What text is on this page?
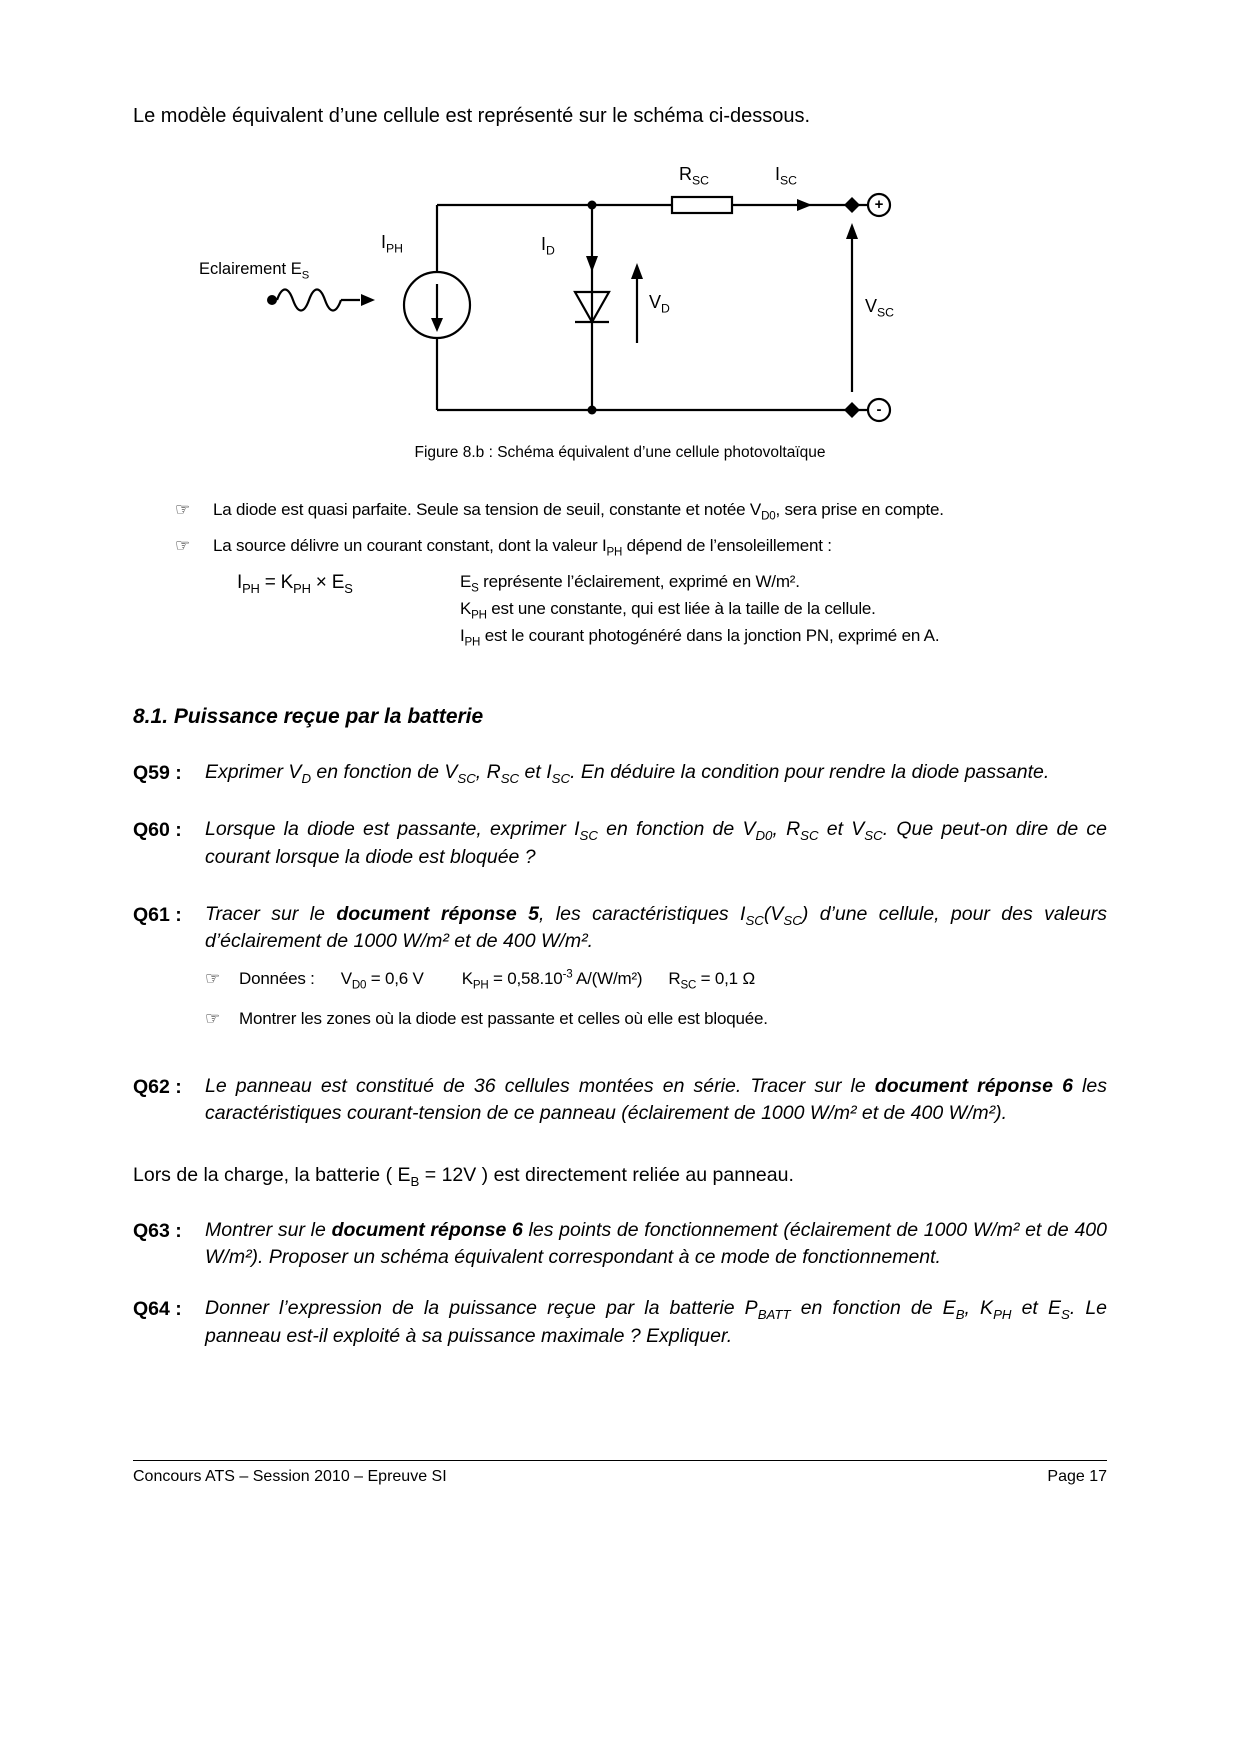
Le modèle équivalent d’une cellule est représenté sur le schéma ci-dessous.

Eclairement $E_S$
$I_{PH}$	$I_D$
$V_D$
$R_{SC}$	$I_{SC}$
$V_{SC}$
+
-

Figure 8.b : Schéma équivalent d’une cellule photovoltaïque

☞	La diode est quasi parfaite. Seule sa tension de seuil, constante et notée $V_{D0}$, sera prise en compte.
☞	La source délivre un courant constant, dont la valeur $I_{PH}$ dépend de l’ensoleillement :
$I_{PH} = K_{PH} \times E_S$	$E_S$ représente l’éclairement, exprimé en W/m².
$K_{PH}$ est une constante, qui est liée à la taille de la cellule.
$I_{PH}$ est le courant photogénéré dans la jonction PN, exprimé en A.
8.1. Puissance reçue par la batterie
Q59 : Exprimer $V_D$ en fonction de $V_{SC}$, $R_{SC}$ et $I_{SC}$. En déduire la condition pour rendre la diode passante.
Q60 : Lorsque la diode est passante, exprimer $I_{SC}$ en fonction de $V_{D0}$, $R_{SC}$ et $V_{SC}$. Que peut-on dire de ce courant lorsque la diode est bloquée ?
Q61 : Tracer sur le document réponse 5, les caractéristiques $I_{SC}(V_{SC})$ d’une cellule, pour des valeurs d’éclairement de 1000 W/m² et de 400 W/m².
☞	Données : $V_{D0} = 0,6$ V $K_{PH} = 0,58.10^{-3}$ A/(W/m²) $R_{SC} = 0,1$ Ω
☞	Montrer les zones où la diode est passante et celles où elle est bloquée.
Q62 : Le panneau est constitué de 36 cellules montées en série. Tracer sur le document réponse 6 les caractéristiques courant-tension de ce panneau (éclairement de 1000 W/m² et de 400 W/m²).

Lors de la charge, la batterie ( $E_B = 12V$ ) est directement reliée au panneau.

Q63 : Montrer sur le document réponse 6 les points de fonctionnement (éclairement de 1000 W/m² et de 400 W/m²). Proposer un schéma équivalent correspondant à ce mode de fonctionnement.
Q64 : Donner l’expression de la puissance reçue par la batterie $P_{BATT}$ en fonction de $E_B$, $K_{PH}$ et $E_S$. Le panneau est-il exploité à sa puissance maximale ? Expliquer.
Concours ATS – Session 2010 – Epreuve SI	Page 17
